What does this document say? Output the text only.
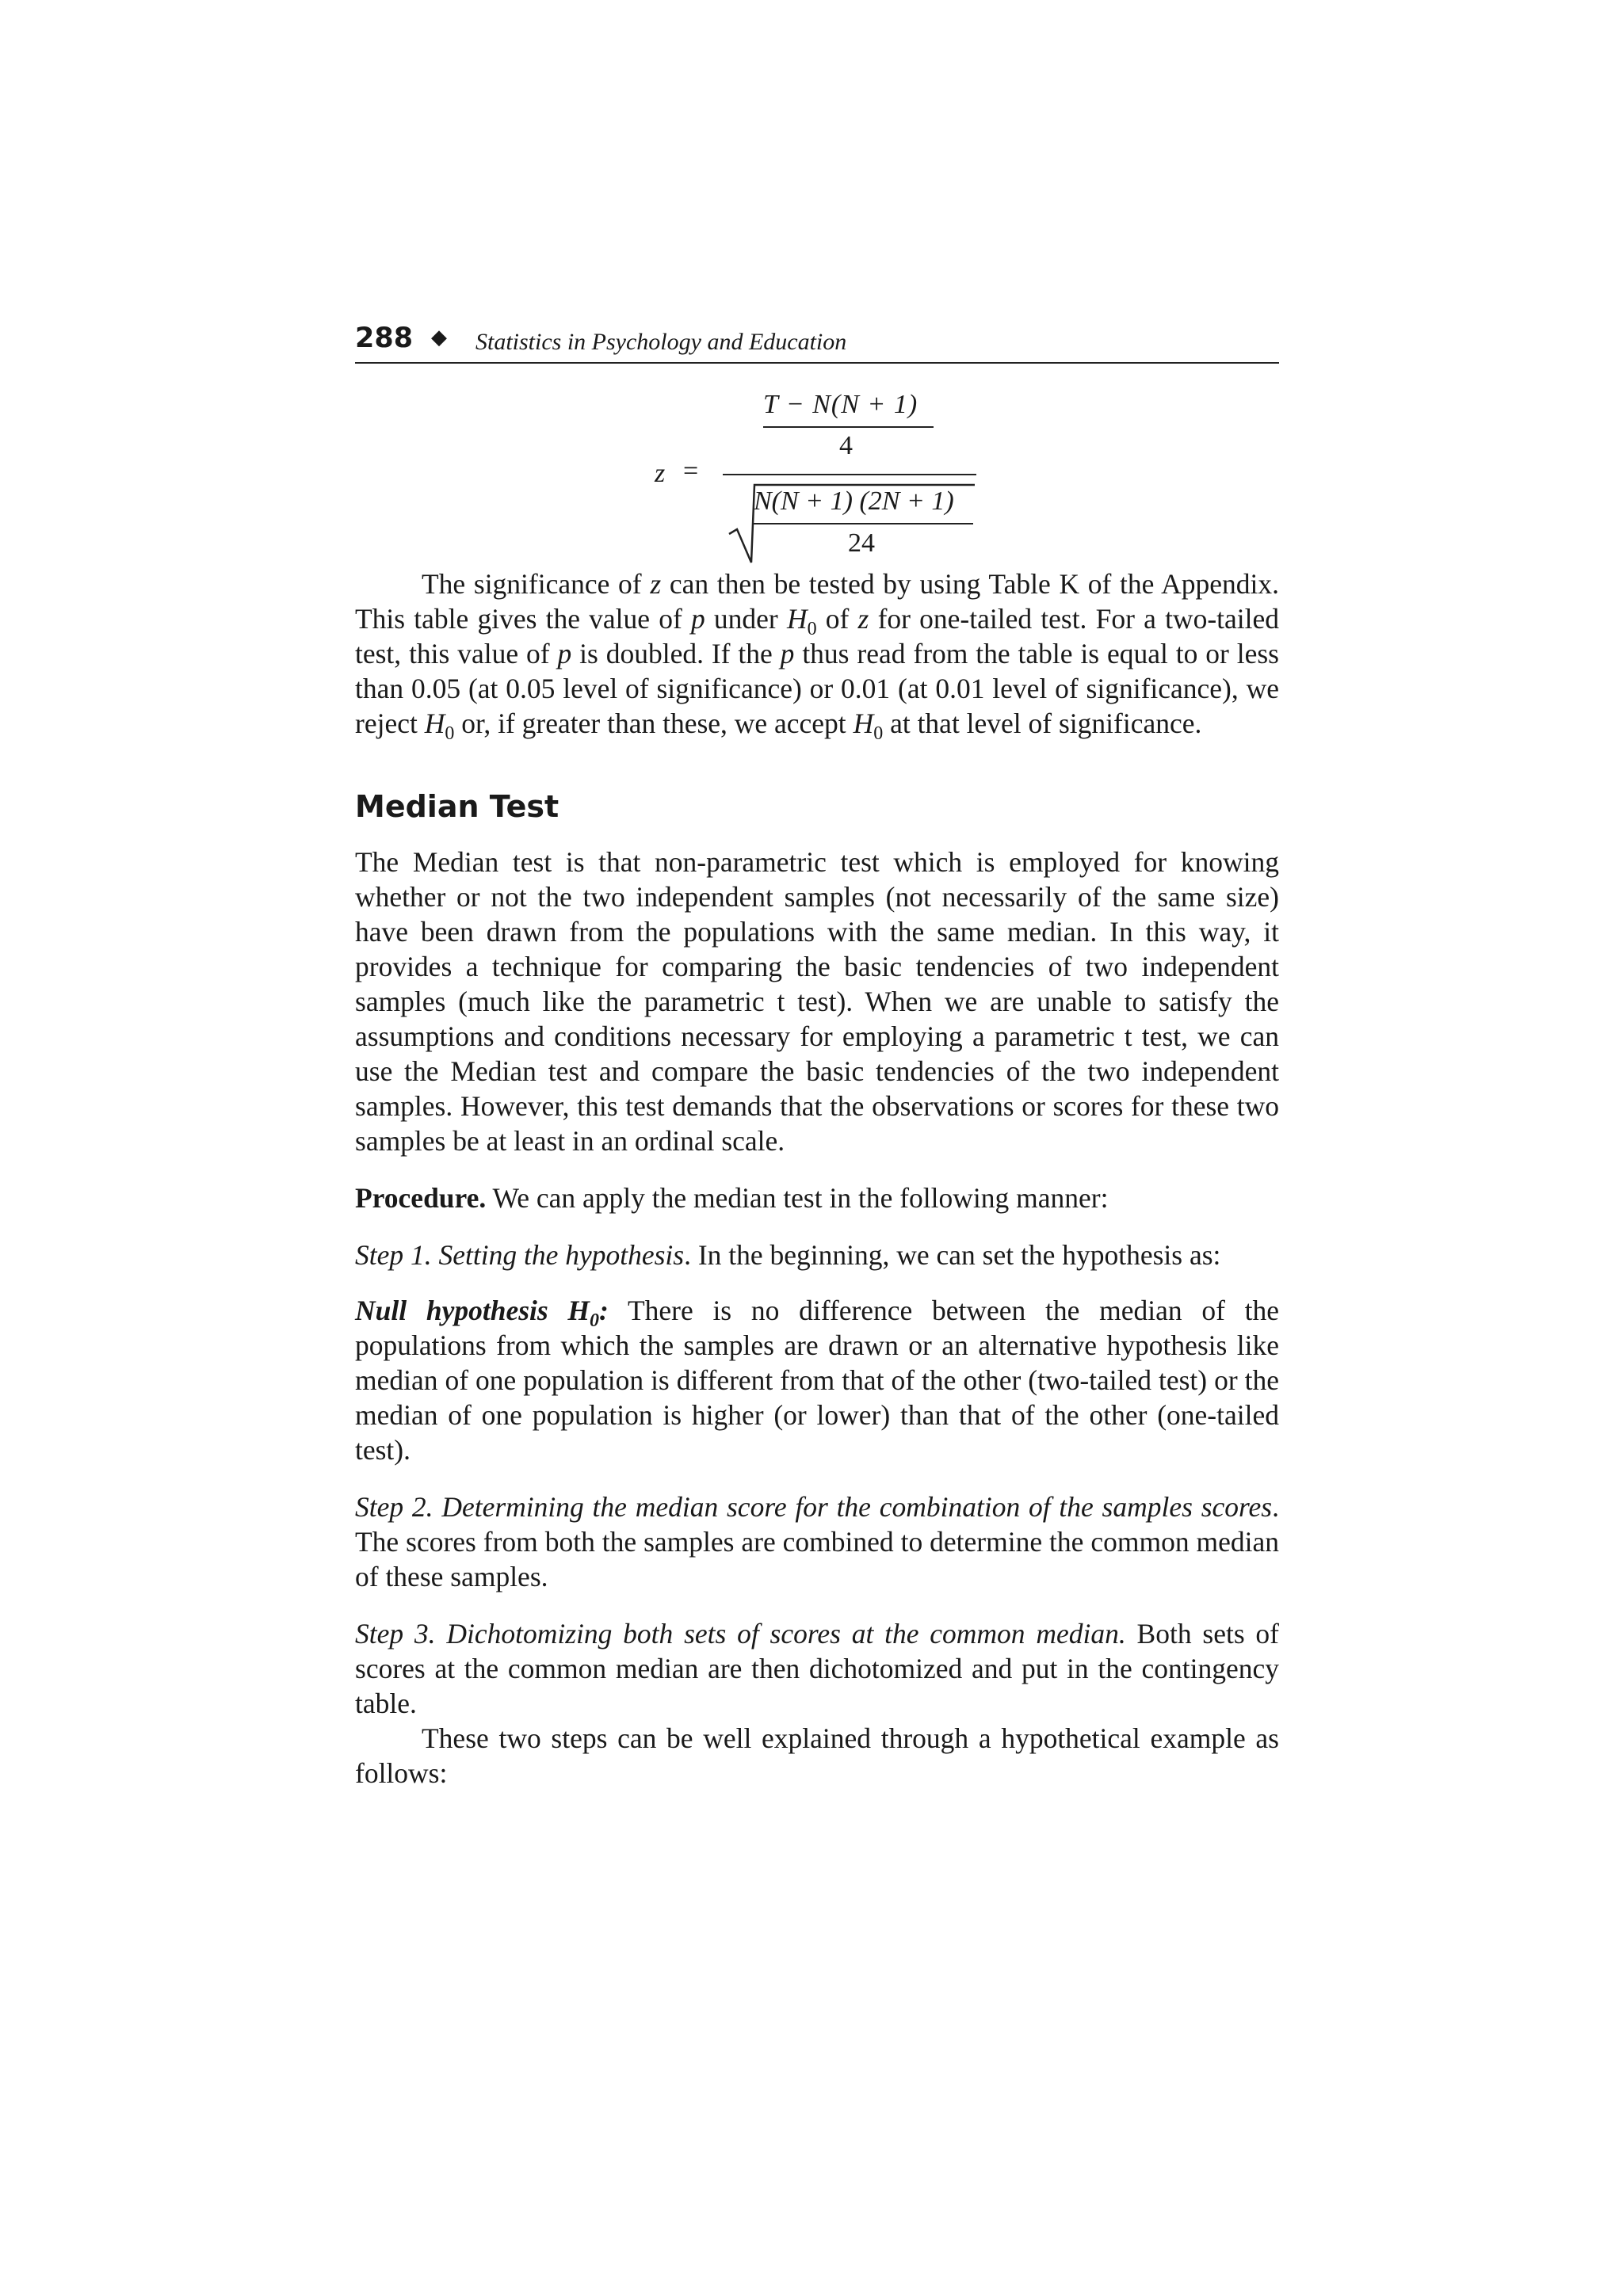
288 ◆ Statistics in Psychology and Education
z =
T − N(N + 1)
4
N(N + 1) (2N + 1)
24

The significance of z can then be tested by using Table K of the Appendix. This table gives the value of p under $H_0$ of z for one-tailed test. For a two-tailed test, this value of p is doubled. If the p thus read from the table is equal to or less than 0.05 (at 0.05 level of significance) or 0.01 (at 0.01 level of significance), we reject $H_0$ or, if greater than these, we accept $H_0$ at that level of significance.

Median Test

The Median test is that non-parametric test which is employed for knowing whether or not the two independent samples (not necessarily of the same size) have been drawn from the populations with the same median. In this way, it provides a technique for comparing the basic tendencies of two independent samples (much like the parametric t test). When we are unable to satisfy the assumptions and conditions necessary for employing a parametric t test, we can use the Median test and compare the basic tendencies of the two independent samples. However, this test demands that the observations or scores for these two samples be at least in an ordinal scale.

Procedure. We can apply the median test in the following manner:

Step 1. Setting the hypothesis. In the beginning, we can set the hypothesis as:

Null hypothesis $H_0$: There is no difference between the median of the populations from which the samples are drawn or an alternative hypothesis like median of one population is different from that of the other (two-tailed test) or the median of one population is higher (or lower) than that of the other (one-tailed test).

Step 2. Determining the median score for the combination of the samples scores. The scores from both the samples are combined to determine the common median of these samples.

Step 3. Dichotomizing both sets of scores at the common median. Both sets of scores at the common median are then dichotomized and put in the contingency table.

These two steps can be well explained through a hypothetical example as follows:
